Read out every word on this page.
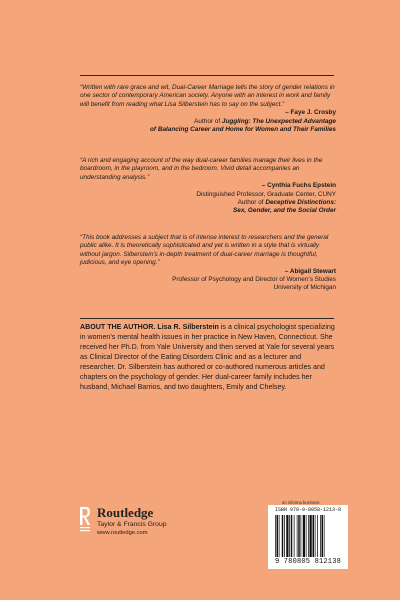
“Written with rare grace and wit, Dual-Career Marriage tells the story of gender relations in one sector of contemporary American society. Anyone with an interest in work and family will benefit from reading what Lisa Silberstein has to say on the subject.”

– Faye J. Crosby
Author of Juggling: The Unexpected Advantage
of Balancing Career and Home for Women and Their Families

“A rich and engaging account of the way dual-career families manage their lives in the boardroom, in the playroom, and in the bedroom. Vivid detail accompanies an understanding analysis.”

– Cynthia Fuchs Epstein
Distinguished Professor, Graduate Center, CUNY
Author of Deceptive Distinctions:
Sex, Gender, and the Social Order

“This book addresses a subject that is of intense interest to researchers and the general public alike. It is theoretically sophisticated and yet is written in a style that is virtually without jargon. Silberstein’s in-depth treatment of dual-career marriage is thoughtful, judicious, and eye opening.”

– Abigail Stewart
Professor of Psychology and Director of Women’s Studies
University of Michigan

ABOUT THE AUTHOR. Lisa R. Silberstein is a clinical psychologist specializing in women’s mental health issues in her practice in New Haven, Connecticut. She received her Ph.D. from Yale University and then served at Yale for several years as Clinical Director of the Eating Disorders Clinic and as a lecturer and researcher. Dr. Silberstein has authored or co-authored numerous articles and chapters on the psychology of gender. Her dual-career family includes her husband, Michael Barrios, and two daughters, Emily and Chelsey.

Routledge
Taylor & Francis Group
www.routledge.com
an informa business
ISBN 978-0-8058-1213-8
9 780805 812138
